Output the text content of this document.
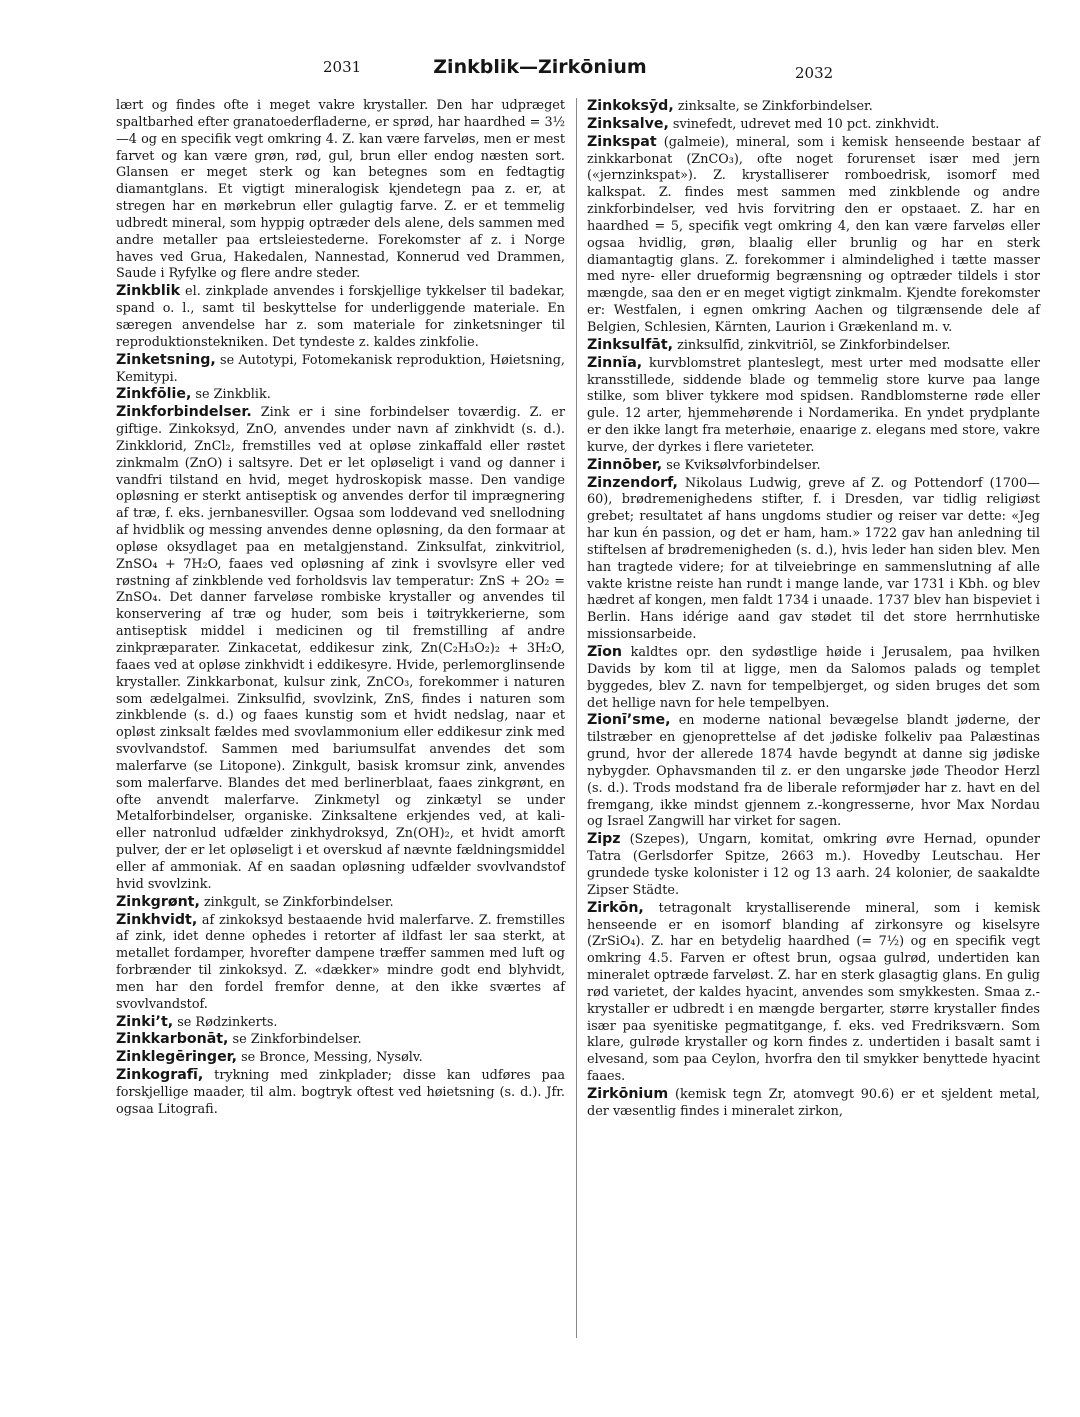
2031	Zinkblik—Zirkōnium	2032

lært og findes ofte i meget vakre krystaller. Den har udpræget spaltbarhed efter granatoederfladerne, er sprød, har haardhed = 3½—4 og en specifik vegt omkring 4. Z. kan være farveløs, men er mest farvet og kan være grøn, rød, gul, brun eller endog næsten sort. Glansen er meget sterk og kan betegnes som en fedtagtig diamantglans. Et vigtigt mineralogisk kjendetegn paa z. er, at stregen har en mørkebrun eller gulagtig farve. Z. er et temmelig udbredt mineral, som hyppig optræder dels alene, dels sammen med andre metaller paa ertsleiestederne. Forekomster af z. i Norge haves ved Grua, Hakedalen, Nannestad, Konnerud ved Drammen, Saude i Ryfylke og flere andre steder.

Zinkblik el. zinkplade anvendes i forskjellige tykkelser til badekar, spand o. l., samt til beskyttelse for underliggende materiale. En særegen anvendelse har z. som materiale for zinketsninger til reproduktionstekniken. Det tyndeste z. kaldes zinkfolie.

Zinketsning, se Autotypi, Fotomekanisk reproduktion, Høietsning, Kemitypi.

Zinkfōlie, se Zinkblik.

Zinkforbindelser. Zink er i sine forbindelser toværdig. Z. er giftige. Zinkoksyd, ZnO, anvendes under navn af zinkhvidt (s. d.). Zinkklorid, ZnCl₂, fremstilles ved at opløse zinkaffald eller røstet zinkmalm (ZnO) i saltsyre. Det er let opløseligt i vand og danner i vandfri tilstand en hvid, meget hydroskopisk masse. Den vandige opløsning er sterkt antiseptisk og anvendes derfor til imprægnering af træ, f. eks. jernbanesviller. Ogsaa som loddevand ved snellodning af hvidblik og messing anvendes denne opløsning, da den formaar at opløse oksydlaget paa en metalgjenstand. Zinksulfat, zinkvitriol, ZnSO₄ + 7H₂O, faaes ved opløsning af zink i svovlsyre eller ved røstning af zinkblende ved forholdsvis lav temperatur: ZnS + 2O₂ = ZnSO₄. Det danner farveløse rombiske krystaller og anvendes til konservering af træ og huder, som beis i tøitrykkerierne, som antiseptisk middel i medicinen og til fremstilling af andre zinkpræparater. Zinkacetat, eddikesur zink, Zn(C₂H₃O₂)₂ + 3H₂O, faaes ved at opløse zinkhvidt i eddikesyre. Hvide, perlemorglinsende krystaller. Zinkkarbonat, kulsur zink, ZnCO₃, forekommer i naturen som ædelgalmei. Zinksulfid, svovlzink, ZnS, findes i naturen som zinkblende (s. d.) og faaes kunstig som et hvidt nedslag, naar et opløst zinksalt fældes med svovlammonium eller eddikesur zink med svovlvandstof. Sammen med bariumsulfat anvendes det som malerfarve (se Litopone). Zinkgult, basisk kromsur zink, anvendes som malerfarve. Blandes det med berlinerblaat, faaes zinkgrønt, en ofte anvendt malerfarve. Zinkmetyl og zinkætyl se under Metalforbindelser, organiske. Zinksaltene erkjendes ved, at kali- eller natronlud udfælder zinkhydroksyd, Zn(OH)₂, et hvidt amorft pulver, der er let opløseligt i et overskud af nævnte fældningsmiddel eller af ammoniak. Af en saadan opløsning udfælder svovlvandstof hvid svovlzink.

Zinkgrønt, zinkgult, se Zinkforbindelser.

Zinkhvidt, af zinkoksyd bestaaende hvid malerfarve. Z. fremstilles af zink, idet denne ophedes i retorter af ildfast ler saa sterkt, at metallet fordamper, hvorefter dampene træffer sammen med luft og forbrænder til zinkoksyd. Z. «dækker» mindre godt end blyhvidt, men har den fordel fremfor denne, at den ikke sværtes af svovlvandstof.

Zinki’t, se Rødzinkerts.

Zinkkarbonāt, se Zinkforbindelser.

Zinklegēringer, se Bronce, Messing, Nysølv.

Zinkografī, trykning med zinkplader; disse kan udføres paa forskjellige maader, til alm. bogtryk oftest ved høietsning (s. d.). Jfr. ogsaa Litografi.

Zinkoksȳd, zinksalte, se Zinkforbindelser.

Zinksalve, svinefedt, udrevet med 10 pct. zinkhvidt.

Zinkspat (galmeie), mineral, som i kemisk henseende bestaar af zinkkarbonat (ZnCO₃), ofte noget forurenset især med jern («jernzinkspat»). Z. krystalliserer romboedrisk, isomorf med kalkspat. Z. findes mest sammen med zinkblende og andre zinkforbindelser, ved hvis forvitring den er opstaaet. Z. har en haardhed = 5, specifik vegt omkring 4, den kan være farveløs eller ogsaa hvidlig, grøn, blaalig eller brunlig og har en sterk diamantagtig glans. Z. forekommer i almindelighed i tætte masser med nyre- eller drueformig begrænsning og optræder tildels i stor mængde, saa den er en meget vigtigt zinkmalm. Kjendte forekomster er: Westfalen, i egnen omkring Aachen og tilgrænsende dele af Belgien, Schlesien, Kärnten, Laurion i Grækenland m. v.

Zinksulfāt, zinksulfīd, zinkvitriōl, se Zinkforbindelser.

Zinnĭa, kurvblomstret planteslegt, mest urter med modsatte eller kransstillede, siddende blade og temmelig store kurve paa lange stilke, som bliver tykkere mod spidsen. Randblomsterne røde eller gule. 12 arter, hjemmehørende i Nordamerika. En yndet prydplante er den ikke langt fra meterhøie, enaarige z. elegans med store, vakre kurve, der dyrkes i flere varieteter.

Zinnōber, se Kviksølvforbindelser.

Zinzendorf, Nikolaus Ludwig, greve af Z. og Pottendorf (1700—60), brødremenighedens stifter, f. i Dresden, var tidlig religiøst grebet; resultatet af hans ungdoms studier og reiser var dette: «Jeg har kun én passion, og det er ham, ham.» 1722 gav han anledning til stiftelsen af brødremenigheden (s. d.), hvis leder han siden blev. Men han tragtede videre; for at tilveiebringe en sammenslutning af alle vakte kristne reiste han rundt i mange lande, var 1731 i Kbh. og blev hædret af kongen, men faldt 1734 i unaade. 1737 blev han bispeviet i Berlin. Hans idérige aand gav stødet til det store herrnhutiske missionsarbeide.

Zīon kaldtes opr. den sydøstlige høide i Jerusalem, paa hvilken Davids by kom til at ligge, men da Salomos palads og templet byggedes, blev Z. navn for tempelbjerget, og siden bruges det som det hellige navn for hele tempelbyen.

Zionī’sme, en moderne national bevægelse blandt jøderne, der tilstræber en gjenoprettelse af det jødiske folkeliv paa Palæstinas grund, hvor der allerede 1874 havde begyndt at danne sig jødiske nybygder. Ophavsmanden til z. er den ungarske jøde Theodor Herzl (s. d.). Trods modstand fra de liberale reformjøder har z. havt en del fremgang, ikke mindst gjennem z.-kongresserne, hvor Max Nordau og Israel Zangwill har virket for sagen.

Zipz (Szepes), Ungarn, komitat, omkring øvre Hernad, opunder Tatra (Gerlsdorfer Spitze, 2663 m.). Hovedby Leutschau. Her grundede tyske kolonister i 12 og 13 aarh. 24 kolonier, de saakaldte Zipser Städte.

Zirkōn, tetragonalt krystalliserende mineral, som i kemisk henseende er en isomorf blanding af zirkonsyre og kiselsyre (ZrSiO₄). Z. har en betydelig haardhed (= 7½) og en specifik vegt omkring 4.5. Farven er oftest brun, ogsaa gulrød, undertiden kan mineralet optræde farveløst. Z. har en sterk glasagtig glans. En gulig rød varietet, der kaldes hyacint, anvendes som smykkesten. Smaa z.-krystaller er udbredt i en mængde bergarter, større krystaller findes især paa syenitiske pegmatitgange, f. eks. ved Fredriksværn. Som klare, gulrøde krystaller og korn findes z. undertiden i basalt samt i elvesand, som paa Ceylon, hvorfra den til smykker benyttede hyacint faaes.

Zirkōnium (kemisk tegn Zr, atomvegt 90.6) er et sjeldent metal, der væsentlig findes i mineralet zirkon,
